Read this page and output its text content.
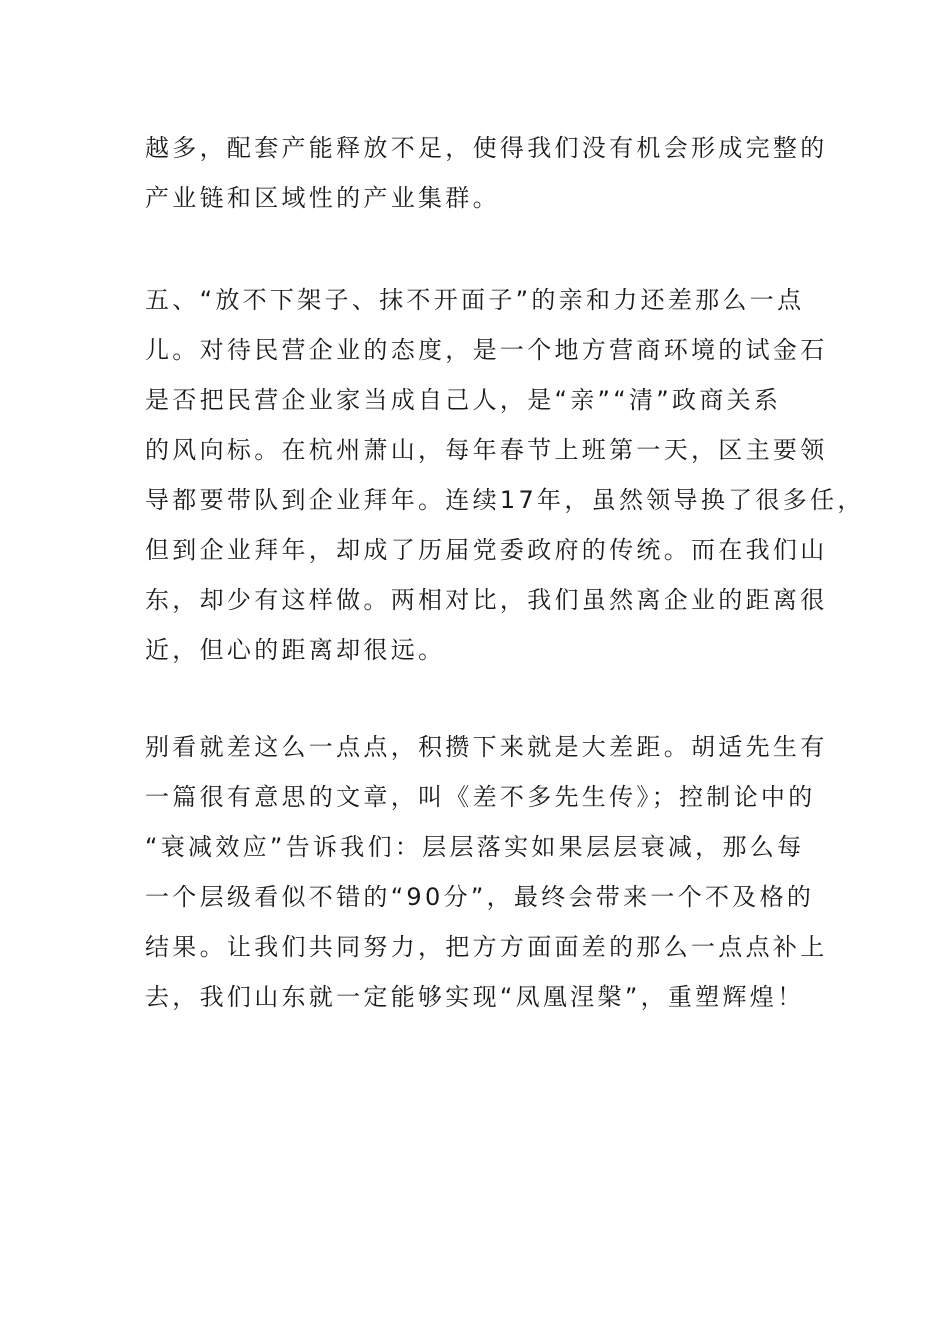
越多，配套产能释放不足，使得我们没有机会形成完整的
产业链和区域性的产业集群。
五、“放不下架子、抹不开面子”的亲和力还差那么一点
儿。对待民营企业的态度，是一个地方营商环境的试金石
是否把民营企业家当成自己人，是“亲”“清”政商关系
的风向标。在杭州萧山，每年春节上班第一天，区主要领
导都要带队到企业拜年。连续17年，虽然领导换了很多任，
但到企业拜年，却成了历届党委政府的传统。而在我们山
东，却少有这样做。两相对比，我们虽然离企业的距离很
近，但心的距离却很远。
别看就差这么一点点，积攒下来就是大差距。胡适先生有
一篇很有意思的文章，叫《差不多先生传》；控制论中的
“衰减效应”告诉我们：层层落实如果层层衰减，那么每
一个层级看似不错的“90分”，最终会带来一个不及格的
结果。让我们共同努力，把方方面面差的那么一点点补上
去，我们山东就一定能够实现“凤凰涅槃”，重塑辉煌！
